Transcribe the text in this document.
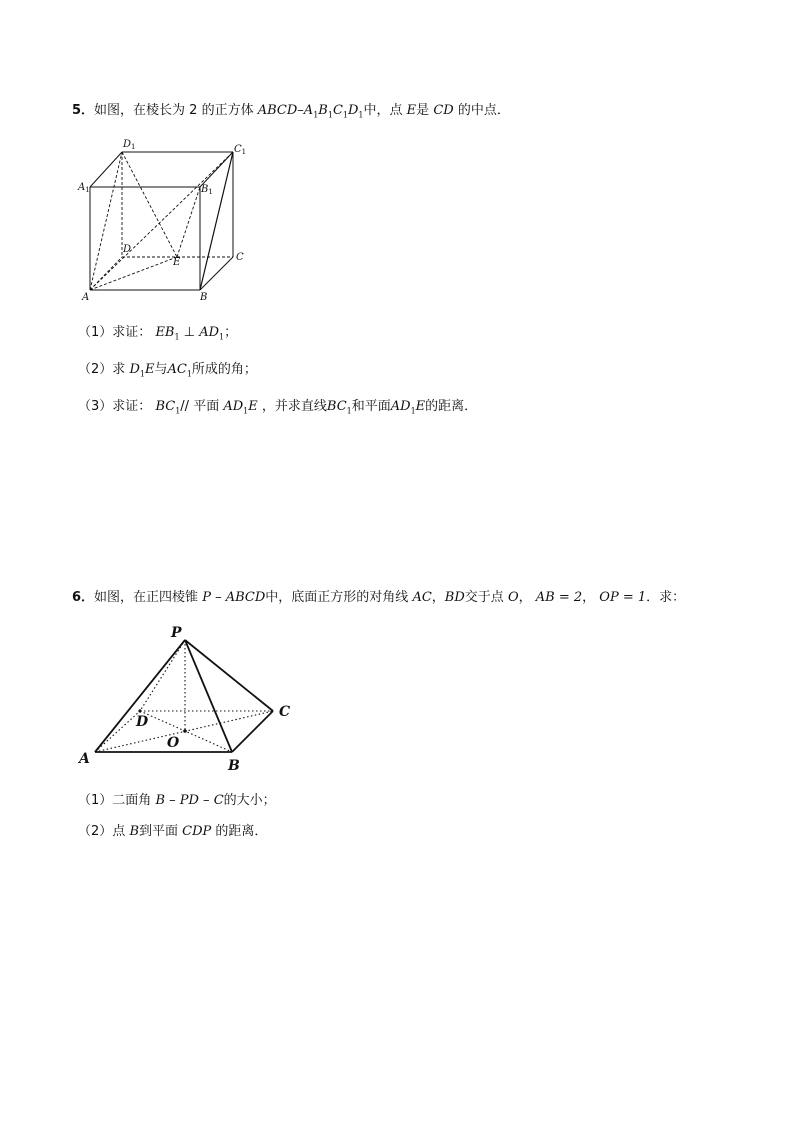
5．如图，在棱长为 2 的正方体 ABCD–$A_1B_1C_1D_1$中，点 E是 CD 的中点．
$D_1$	$C_1$
$A_1$	$B_1$
D
E	C
A	B
（1）求证： $EB_1$ ⊥ $AD_1$；
（2）求 $D_1E$与$AC_1$所成的角；
（3）求证： $BC_1//$ 平面 $AD_1E$ ，并求直线$BC_1$和平面$AD_1E$的距离．
6．如图，在正四棱锥 P – ABCD中，底面正方形的对角线 AC，BD交于点 O， AB = 2， OP = 1．求：
P
D
C
O
A	B
（1）二面角 B – PD – C的大小；
（2）点 B到平面 CDP 的距离．
